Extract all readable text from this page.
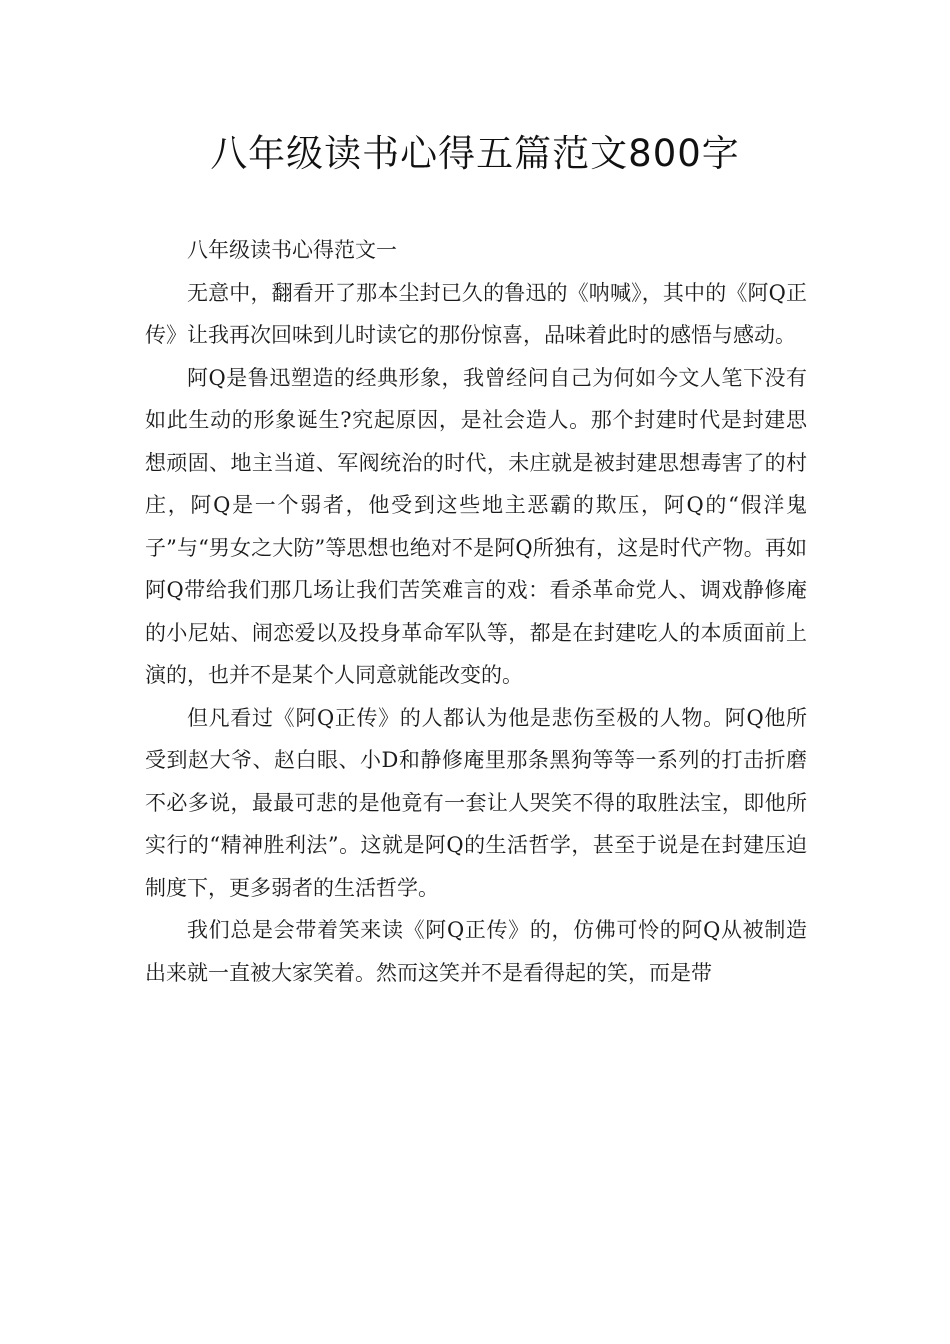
八年级读书心得五篇范文800字

八年级读书心得范文一

无意中，翻看开了那本尘封已久的鲁迅的《呐喊》，其中的《阿Q正传》让我再次回味到儿时读它的那份惊喜，品味着此时的感悟与感动。

阿Q是鲁迅塑造的经典形象，我曾经问自己为何如今文人笔下没有如此生动的形象诞生?究起原因，是社会造人。那个封建时代是封建思想顽固、地主当道、军阀统治的时代，未庄就是被封建思想毒害了的村庄，阿Q是一个弱者，他受到这些地主恶霸的欺压，阿Q的“假洋鬼子”与“男女之大防”等思想也绝对不是阿Q所独有，这是时代产物。再如阿Q带给我们那几场让我们苦笑难言的戏：看杀革命党人、调戏静修庵的小尼姑、闹恋爱以及投身革命军队等，都是在封建吃人的本质面前上演的，也并不是某个人同意就能改变的。

但凡看过《阿Q正传》的人都认为他是悲伤至极的人物。阿Q他所受到赵大爷、赵白眼、小D和静修庵里那条黑狗等等一系列的打击折磨不必多说，最最可悲的是他竟有一套让人哭笑不得的取胜法宝，即他所实行的“精神胜利法”。这就是阿Q的生活哲学，甚至于说是在封建压迫制度下，更多弱者的生活哲学。

我们总是会带着笑来读《阿Q正传》的，仿佛可怜的阿Q从被制造出来就一直被大家笑着。然而这笑并不是看得起的笑，而是带
